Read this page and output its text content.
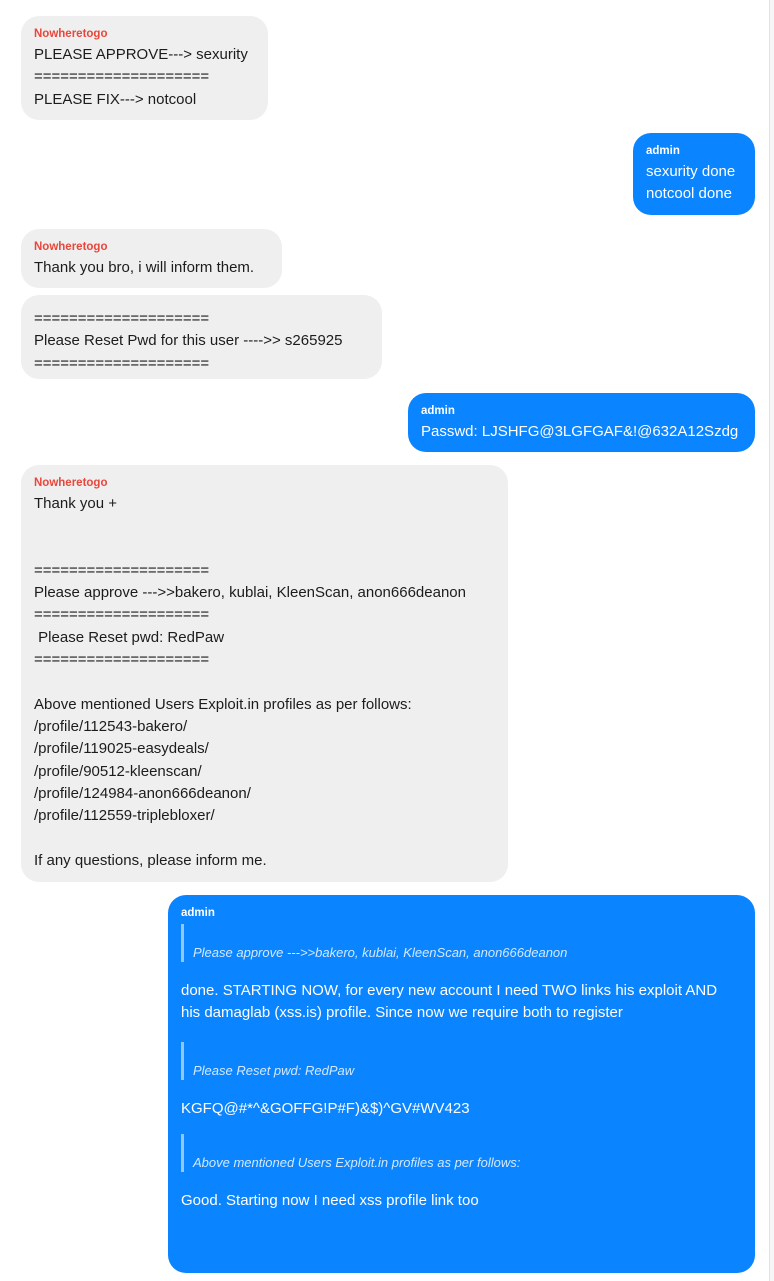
Nowheretogo
PLEASE APPROVE---> sexurity
====================
PLEASE FIX---> notcool
admin
sexurity done
notcool done
Nowheretogo
Thank you bro, i will inform them.
====================
Please Reset Pwd for this user ---->> s265925
====================
admin
Passwd: LJSHFG@3LGFGAF&!@632A12Szdg
Nowheretogo
Thank you +
====================
Please approve --->>bakero, kublai, KleenScan, anon666deanon
====================
Please Reset pwd: RedPaw
====================
Above mentioned Users Exploit.in profiles as per follows:
/profile/112543-bakero/
/profile/119025-easydeals/
/profile/90512-kleenscan/
/profile/124984-anon666deanon/
/profile/112559-triplebloxer/
If any questions, please inform me.
admin
Please approve --->>bakero, kublai, KleenScan, anon666deanon
done. STARTING NOW, for every new account I need TWO links his exploit AND
his damaglab (xss.is) profile. Since now we require both to register
Please Reset pwd: RedPaw
KGFQ@#*^&GOFFG!P#F)&$)^GV#WV423
Above mentioned Users Exploit.in profiles as per follows:
Good. Starting now I need xss profile link too
